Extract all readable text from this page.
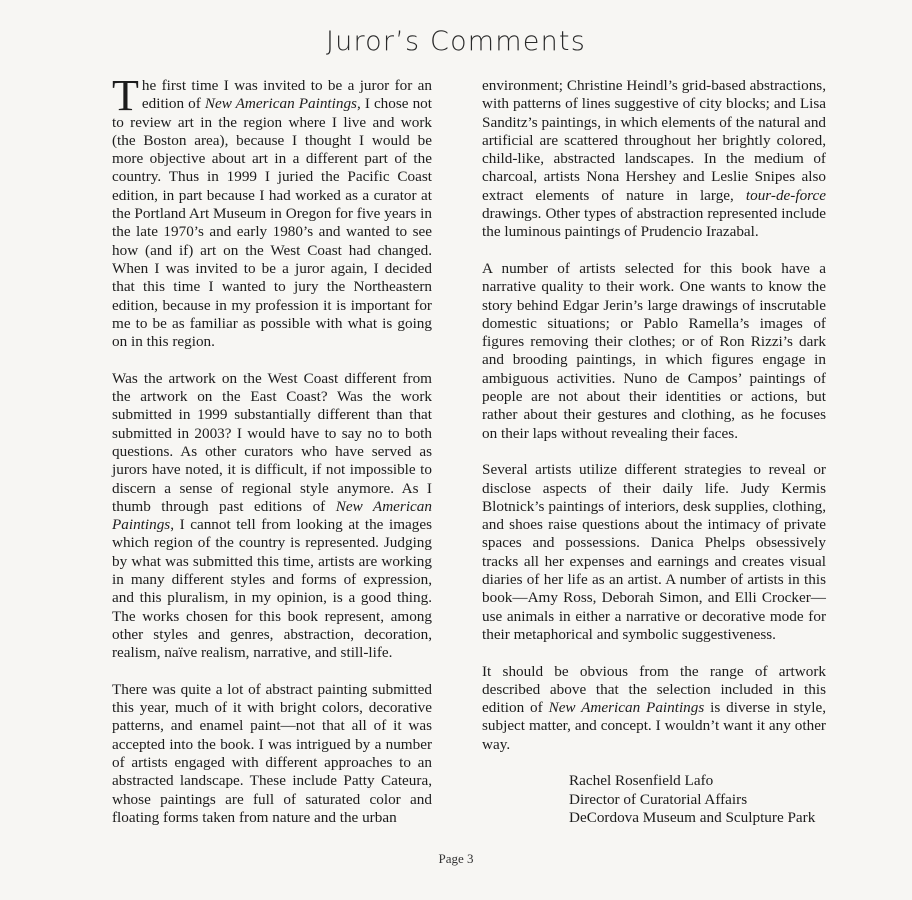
Juror’s Comments

The first time I was invited to be a juror for an edition of New American Paintings, I chose not to review art in the region where I live and work (the Boston area), because I thought I would be more objective about art in a different part of the country. Thus in 1999 I juried the Pacific Coast edition, in part because I had worked as a curator at the Portland Art Museum in Oregon for five years in the late 1970’s and early 1980’s and wanted to see how (and if) art on the West Coast had changed. When I was invited to be a juror again, I decided that this time I wanted to jury the Northeastern edition, because in my profession it is important for me to be as familiar as possible with what is going on in this region.

Was the artwork on the West Coast different from the artwork on the East Coast? Was the work submitted in 1999 substantially different than that submitted in 2003? I would have to say no to both questions. As other curators who have served as jurors have noted, it is difficult, if not impossible to discern a sense of regional style anymore. As I thumb through past editions of New American Paintings, I cannot tell from looking at the images which region of the country is represented. Judging by what was submitted this time, artists are working in many different styles and forms of expression, and this pluralism, in my opinion, is a good thing. The works chosen for this book represent, among other styles and genres, abstraction, decoration, realism, naïve realism, narrative, and still-life.

There was quite a lot of abstract painting submitted this year, much of it with bright colors, decorative patterns, and enamel paint—not that all of it was accepted into the book. I was intrigued by a number of artists engaged with different approaches to an abstracted landscape. These include Patty Cateura, whose paintings are full of saturated color and floating forms taken from nature and the urban

environment; Christine Heindl’s grid-based abstractions, with patterns of lines suggestive of city blocks; and Lisa Sanditz’s paintings, in which elements of the natural and artificial are scattered throughout her brightly colored, child-like, abstracted landscapes. In the medium of charcoal, artists Nona Hershey and Leslie Snipes also extract elements of nature in large, tour-de-force drawings. Other types of abstraction represented include the luminous paintings of Prudencio Irazabal.

A number of artists selected for this book have a narrative quality to their work. One wants to know the story behind Edgar Jerin’s large drawings of inscrutable domestic situations; or Pablo Ramella’s images of figures removing their clothes; or of Ron Rizzi’s dark and brooding paintings, in which figures engage in ambiguous activities. Nuno de Campos’ paintings of people are not about their identities or actions, but rather about their gestures and clothing, as he focuses on their laps without revealing their faces.

Several artists utilize different strategies to reveal or disclose aspects of their daily life. Judy Kermis Blotnick’s paintings of interiors, desk supplies, clothing, and shoes raise questions about the intimacy of private spaces and possessions. Danica Phelps obsessively tracks all her expenses and earnings and creates visual diaries of her life as an artist. A number of artists in this book—Amy Ross, Deborah Simon, and Elli Crocker—use animals in either a narrative or decorative mode for their metaphorical and symbolic suggestiveness.

It should be obvious from the range of artwork described above that the selection included in this edition of New American Paintings is diverse in style, subject matter, and concept. I wouldn’t want it any other way.

Rachel Rosenfield Lafo
Director of Curatorial Affairs
DeCordova Museum and Sculpture Park
Page 3
